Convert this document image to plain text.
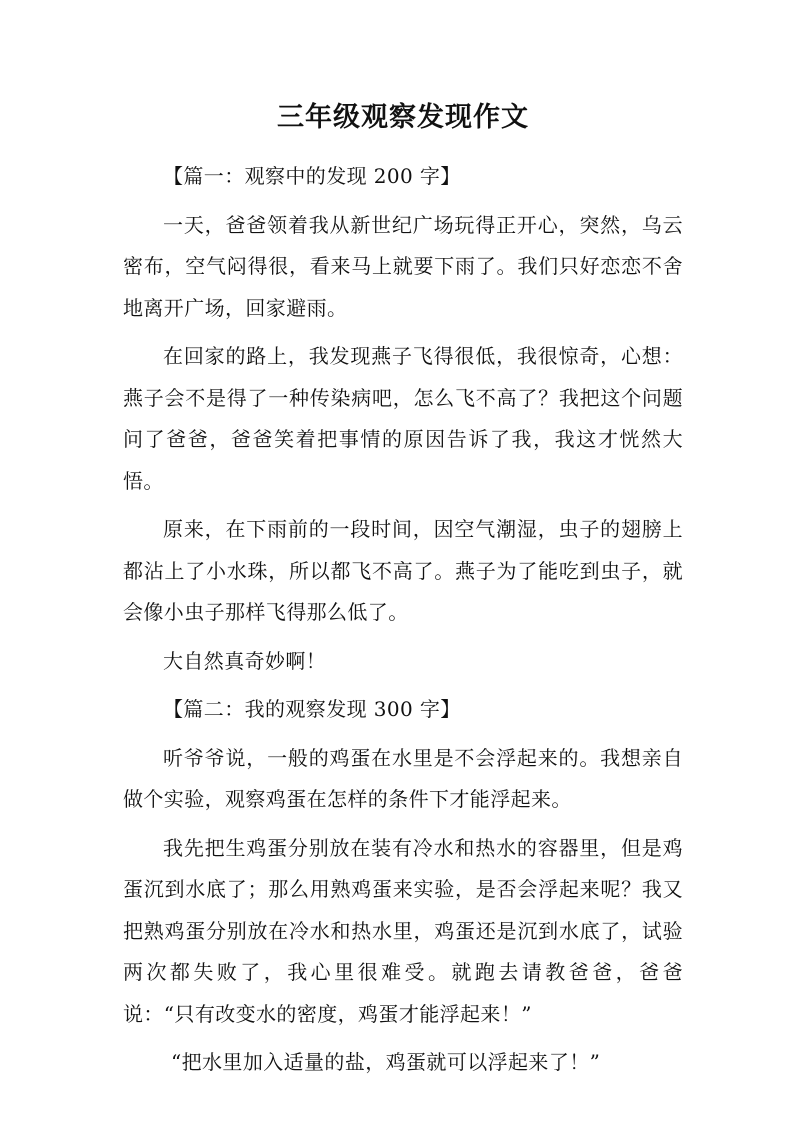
三年级观察发现作文

【篇一：观察中的发现 200 字】

一天，爸爸领着我从新世纪广场玩得正开心，突然，乌云密布，空气闷得很，看来马上就要下雨了。我们只好恋恋不舍地离开广场，回家避雨。

在回家的路上，我发现燕子飞得很低，我很惊奇，心想：燕子会不是得了一种传染病吧，怎么飞不高了？我把这个问题问了爸爸，爸爸笑着把事情的原因告诉了我，我这才恍然大悟。

原来，在下雨前的一段时间，因空气潮湿，虫子的翅膀上都沾上了小水珠，所以都飞不高了。燕子为了能吃到虫子，就会像小虫子那样飞得那么低了。

大自然真奇妙啊！

【篇二：我的观察发现 300 字】

听爷爷说，一般的鸡蛋在水里是不会浮起来的。我想亲自做个实验，观察鸡蛋在怎样的条件下才能浮起来。

我先把生鸡蛋分别放在装有冷水和热水的容器里，但是鸡蛋沉到水底了；那么用熟鸡蛋来实验，是否会浮起来呢？我又把熟鸡蛋分别放在冷水和热水里，鸡蛋还是沉到水底了，试验两次都失败了，我心里很难受。就跑去请教爸爸，爸爸说：“只有改变水的密度，鸡蛋才能浮起来！”

“把水里加入适量的盐，鸡蛋就可以浮起来了！”
